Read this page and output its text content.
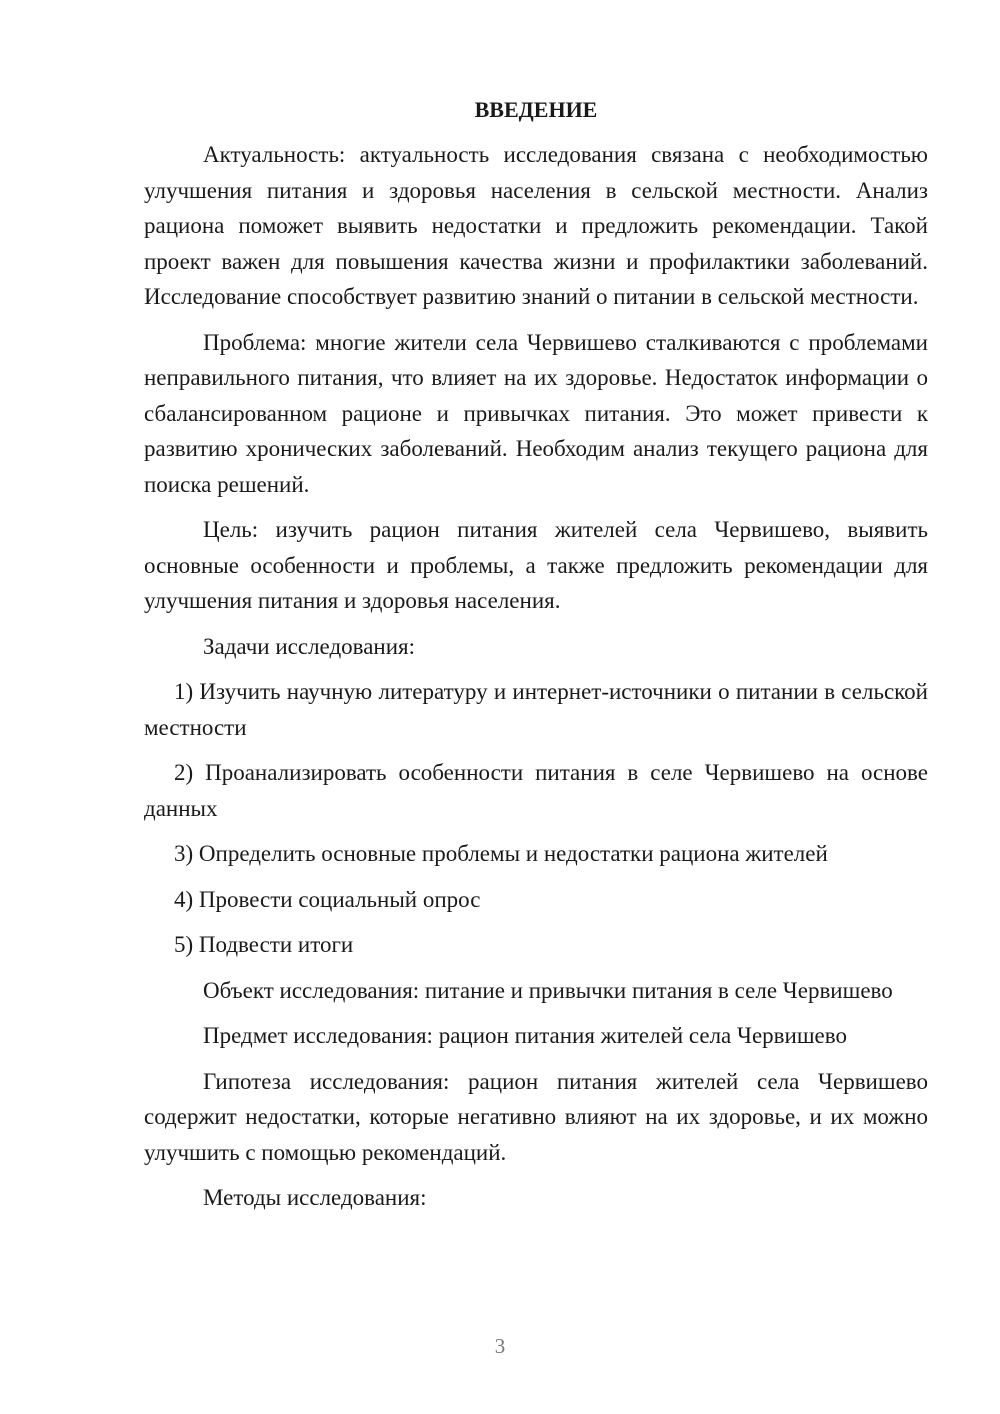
ВВЕДЕНИЕ

Актуальность: актуальность исследования связана с необходимостью улучшения питания и здоровья населения в сельской местности. Анализ рациона поможет выявить недостатки и предложить рекомендации. Такой проект важен для повышения качества жизни и профилактики заболеваний. Исследование способствует развитию знаний о питании в сельской местности.

Проблема: многие жители села Червишево сталкиваются с проблемами неправильного питания, что влияет на их здоровье. Недостаток информации о сбалансированном рационе и привычках питания. Это может привести к развитию хронических заболеваний. Необходим анализ текущего рациона для поиска решений.

Цель: изучить рацион питания жителей села Червишево, выявить основные особенности и проблемы, а также предложить рекомендации для улучшения питания и здоровья населения.

Задачи исследования:

1) Изучить научную литературу и интернет-источники о питании в сельской местности

2) Проанализировать особенности питания в селе Червишево на основе данных

3) Определить основные проблемы и недостатки рациона жителей

4) Провести социальный опрос

5) Подвести итоги

Объект исследования: питание и привычки питания в селе Червишево

Предмет исследования: рацион питания жителей села Червишево

Гипотеза исследования: рацион питания жителей села Червишево содержит недостатки, которые негативно влияют на их здоровье, и их можно улучшить с помощью рекомендаций.

Методы исследования:

3
